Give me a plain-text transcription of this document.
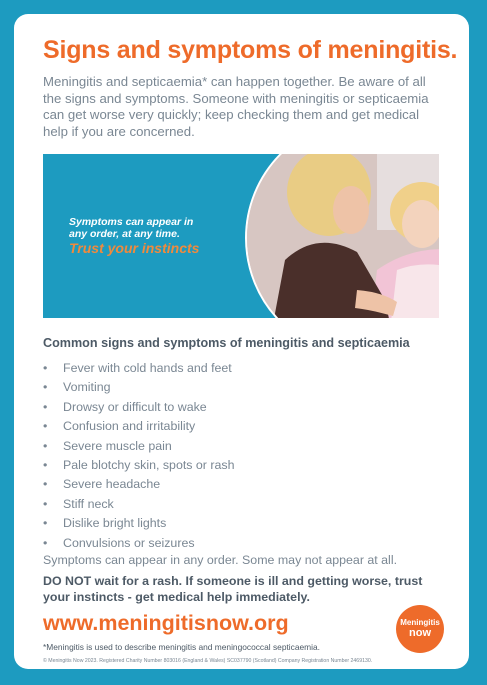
Signs and symptoms of meningitis.

Meningitis and septicaemia* can happen together. Be aware of all the signs and symptoms. Someone with meningitis or septicaemia can get worse very quickly; keep checking them and get medical help if you are concerned.

Symptoms can appear in
any order, at any time.
Trust your instincts
Common signs and symptoms of meningitis and septicaemia
• Fever with cold hands and feet
• Vomiting
• Drowsy or difficult to wake
• Confusion and irritability
• Severe muscle pain
• Pale blotchy skin, spots or rash
• Severe headache
• Stiff neck
• Dislike bright lights
• Convulsions or seizures

Symptoms can appear in any order. Some may not appear at all.

DO NOT wait for a rash. If someone is ill and getting worse, trust your instincts - get medical help immediately.

www.meningitisnow.org	Meningitis
now

*Meningitis is used to describe meningitis and meningococcal septicaemia.

© Meningitis Now 2023. Registered Charity Number 803016 (England & Wales) SC037790 (Scotland) Company Registration Number 2469130.
